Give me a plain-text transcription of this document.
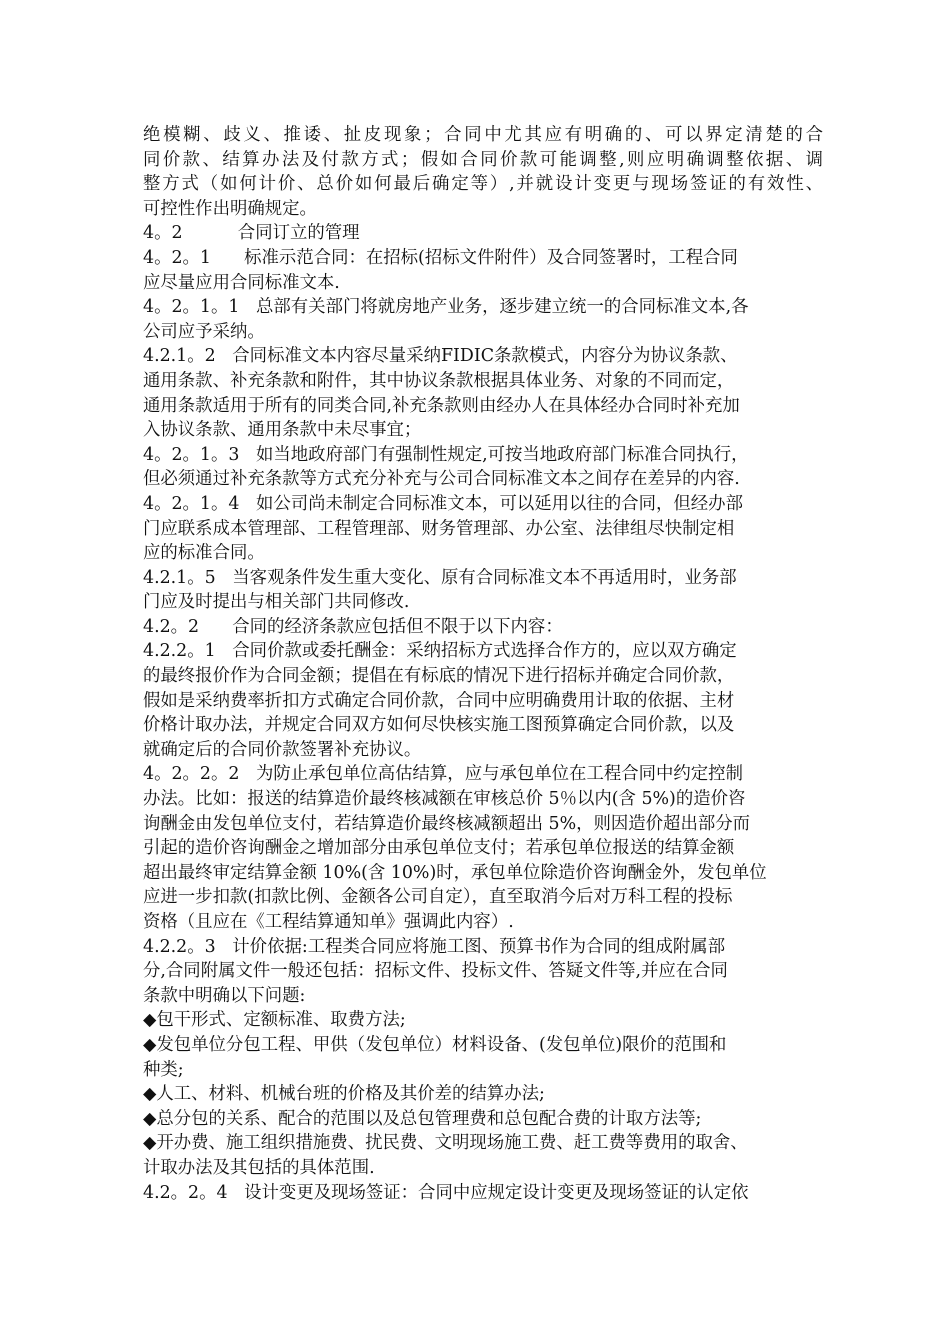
绝模糊、歧义、推诿、扯皮现象；合同中尤其应有明确的、可以界定清楚的合
同价款、结算办法及付款方式；假如合同价款可能调整,则应明确调整依据、调
整方式（如何计价、总价如何最后确定等）,并就设计变更与现场签证的有效性、
可控性作出明确规定。
4。2          合同订立的管理
4。2。1      标准示范合同：在招标(招标文件附件）及合同签署时，工程合同
应尽量应用合同标准文本.
4。2。1。1   总部有关部门将就房地产业务，逐步建立统一的合同标准文本,各
公司应予采纳。
4.2.1。2   合同标准文本内容尽量采纳FIDIC条款模式，内容分为协议条款、
通用条款、补充条款和附件，其中协议条款根据具体业务、对象的不同而定，
通用条款适用于所有的同类合同,补充条款则由经办人在具体经办合同时补充加
入协议条款、通用条款中未尽事宜；
4。2。1。3   如当地政府部门有强制性规定,可按当地政府部门标准合同执行，
但必须通过补充条款等方式充分补充与公司合同标准文本之间存在差异的内容.
4。2。1。4   如公司尚未制定合同标准文本，可以延用以往的合同，但经办部
门应联系成本管理部、工程管理部、财务管理部、办公室、法律组尽快制定相
应的标准合同。
4.2.1。5   当客观条件发生重大变化、原有合同标准文本不再适用时，业务部
门应及时提出与相关部门共同修改.
4.2。2      合同的经济条款应包括但不限于以下内容：
4.2.2。1   合同价款或委托酬金：采纳招标方式选择合作方的，应以双方确定
的最终报价作为合同金额；提倡在有标底的情况下进行招标并确定合同价款，
假如是采纳费率折扣方式确定合同价款，合同中应明确费用计取的依据、主材
价格计取办法，并规定合同双方如何尽快核实施工图预算确定合同价款，以及
就确定后的合同价款签署补充协议。
4。2。2。2   为防止承包单位高估结算，应与承包单位在工程合同中约定控制
办法。比如：报送的结算造价最终核减额在审核总价 5％以内(含 5%)的造价咨
询酬金由发包单位支付，若结算造价最终核减额超出 5%，则因造价超出部分而
引起的造价咨询酬金之增加部分由承包单位支付；若承包单位报送的结算金额
超出最终审定结算金额 10%(含 10%)时，承包单位除造价咨询酬金外，发包单位
应进一步扣款(扣款比例、金额各公司自定），直至取消今后对万科工程的投标
资格（且应在《工程结算通知单》强调此内容）.
4.2.2。3   计价依据:工程类合同应将施工图、预算书作为合同的组成附属部
分,合同附属文件一般还包括：招标文件、投标文件、答疑文件等,并应在合同
条款中明确以下问题:
◆包干形式、定额标准、取费方法;
◆发包单位分包工程、甲供（发包单位）材料设备、(发包单位)限价的范围和
种类;
◆人工、材料、机械台班的价格及其价差的结算办法;
◆总分包的关系、配合的范围以及总包管理费和总包配合费的计取方法等;
◆开办费、施工组织措施费、扰民费、文明现场施工费、赶工费等费用的取舍、
计取办法及其包括的具体范围.
4.2。2。4   设计变更及现场签证：合同中应规定设计变更及现场签证的认定依
